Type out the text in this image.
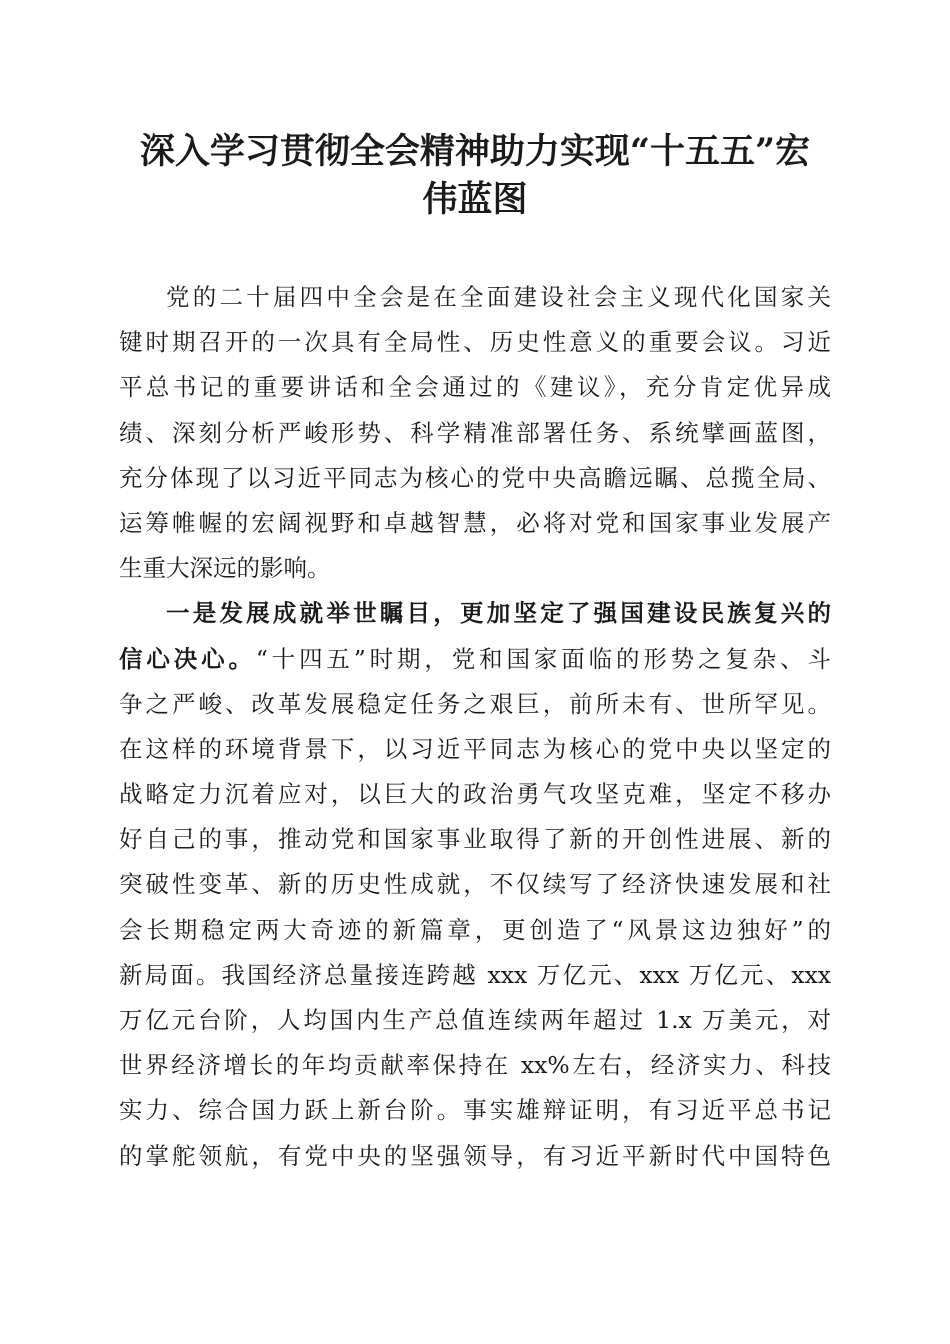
深入学习贯彻全会精神助力实现“十五五”宏
伟蓝图
党的二十届四中全会是在全面建设社会主义现代化国家关
键时期召开的一次具有全局性、历史性意义的重要会议。习近
平总书记的重要讲话和全会通过的《建议》，充分肯定优异成
绩、深刻分析严峻形势、科学精准部署任务、系统擘画蓝图，
充分体现了以习近平同志为核心的党中央高瞻远瞩、总揽全局、
运筹帷幄的宏阔视野和卓越智慧，必将对党和国家事业发展产
生重大深远的影响。
一是发展成就举世瞩目，更加坚定了强国建设民族复兴的
信心决心。“十四五”时期，党和国家面临的形势之复杂、斗
争之严峻、改革发展稳定任务之艰巨，前所未有、世所罕见。
在这样的环境背景下，以习近平同志为核心的党中央以坚定的
战略定力沉着应对，以巨大的政治勇气攻坚克难，坚定不移办
好自己的事，推动党和国家事业取得了新的开创性进展、新的
突破性变革、新的历史性成就，不仅续写了经济快速发展和社
会长期稳定两大奇迹的新篇章，更创造了“风景这边独好”的
新局面。我国经济总量接连跨越 xxx 万亿元、xxx 万亿元、xxx
万亿元台阶，人均国内生产总值连续两年超过 1.x 万美元，对
世界经济增长的年均贡献率保持在 xx%左右，经济实力、科技
实力、综合国力跃上新台阶。事实雄辩证明，有习近平总书记
的掌舵领航，有党中央的坚强领导，有习近平新时代中国特色
